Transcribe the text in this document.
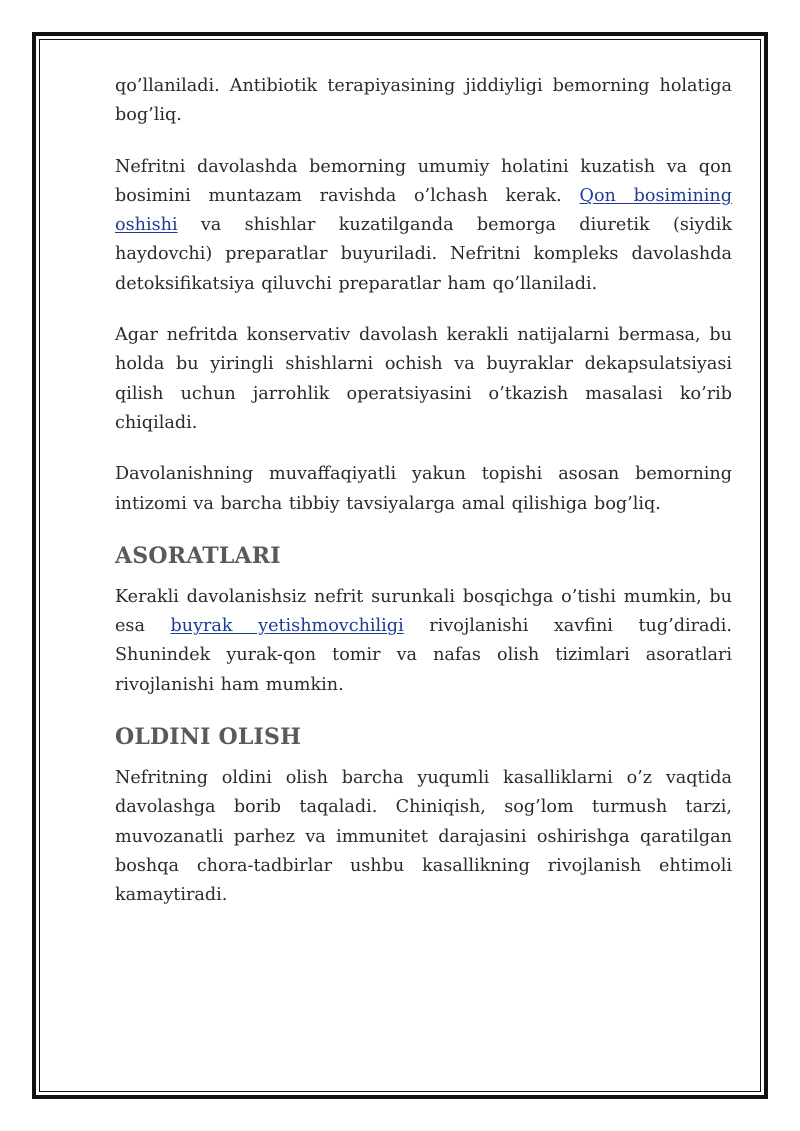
qo’llaniladi. Antibiotik terapiyasining jiddiyligi bemorning holatiga bog’liq.

Nefritni davolashda bemorning umumiy holatini kuzatish va qon bosimini muntazam ravishda o’lchash kerak. Qon bosimining oshishi va shishlar kuzatilganda bemorga diuretik (siydik haydovchi) preparatlar buyuriladi. Nefritni kompleks davolashda detoksifikatsiya qiluvchi preparatlar ham qo’llaniladi.

Agar nefritda konservativ davolash kerakli natijalarni bermasa, bu holda bu yiringli shishlarni ochish va buyraklar dekapsulatsiyasi qilish uchun jarrohlik operatsiyasini o’tkazish masalasi ko’rib chiqiladi.

Davolanishning muvaffaqiyatli yakun topishi asosan bemorning intizomi va barcha tibbiy tavsiyalarga amal qilishiga bog’liq.

ASORATLARI

Kerakli davolanishsiz nefrit surunkali bosqichga o’tishi mumkin, bu esa buyrak yetishmovchiligi rivojlanishi xavfini tug’diradi. Shunindek yurak-qon tomir va nafas olish tizimlari asoratlari rivojlanishi ham mumkin.

OLDINI OLISH

Nefritning oldini olish barcha yuqumli kasalliklarni o’z vaqtida davolashga borib taqaladi. Chiniqish, sog’lom turmush tarzi, muvozanatli parhez va immunitet darajasini oshirishga qaratilgan boshqa chora-tadbirlar ushbu kasallikning rivojlanish ehtimoli kamaytiradi.
